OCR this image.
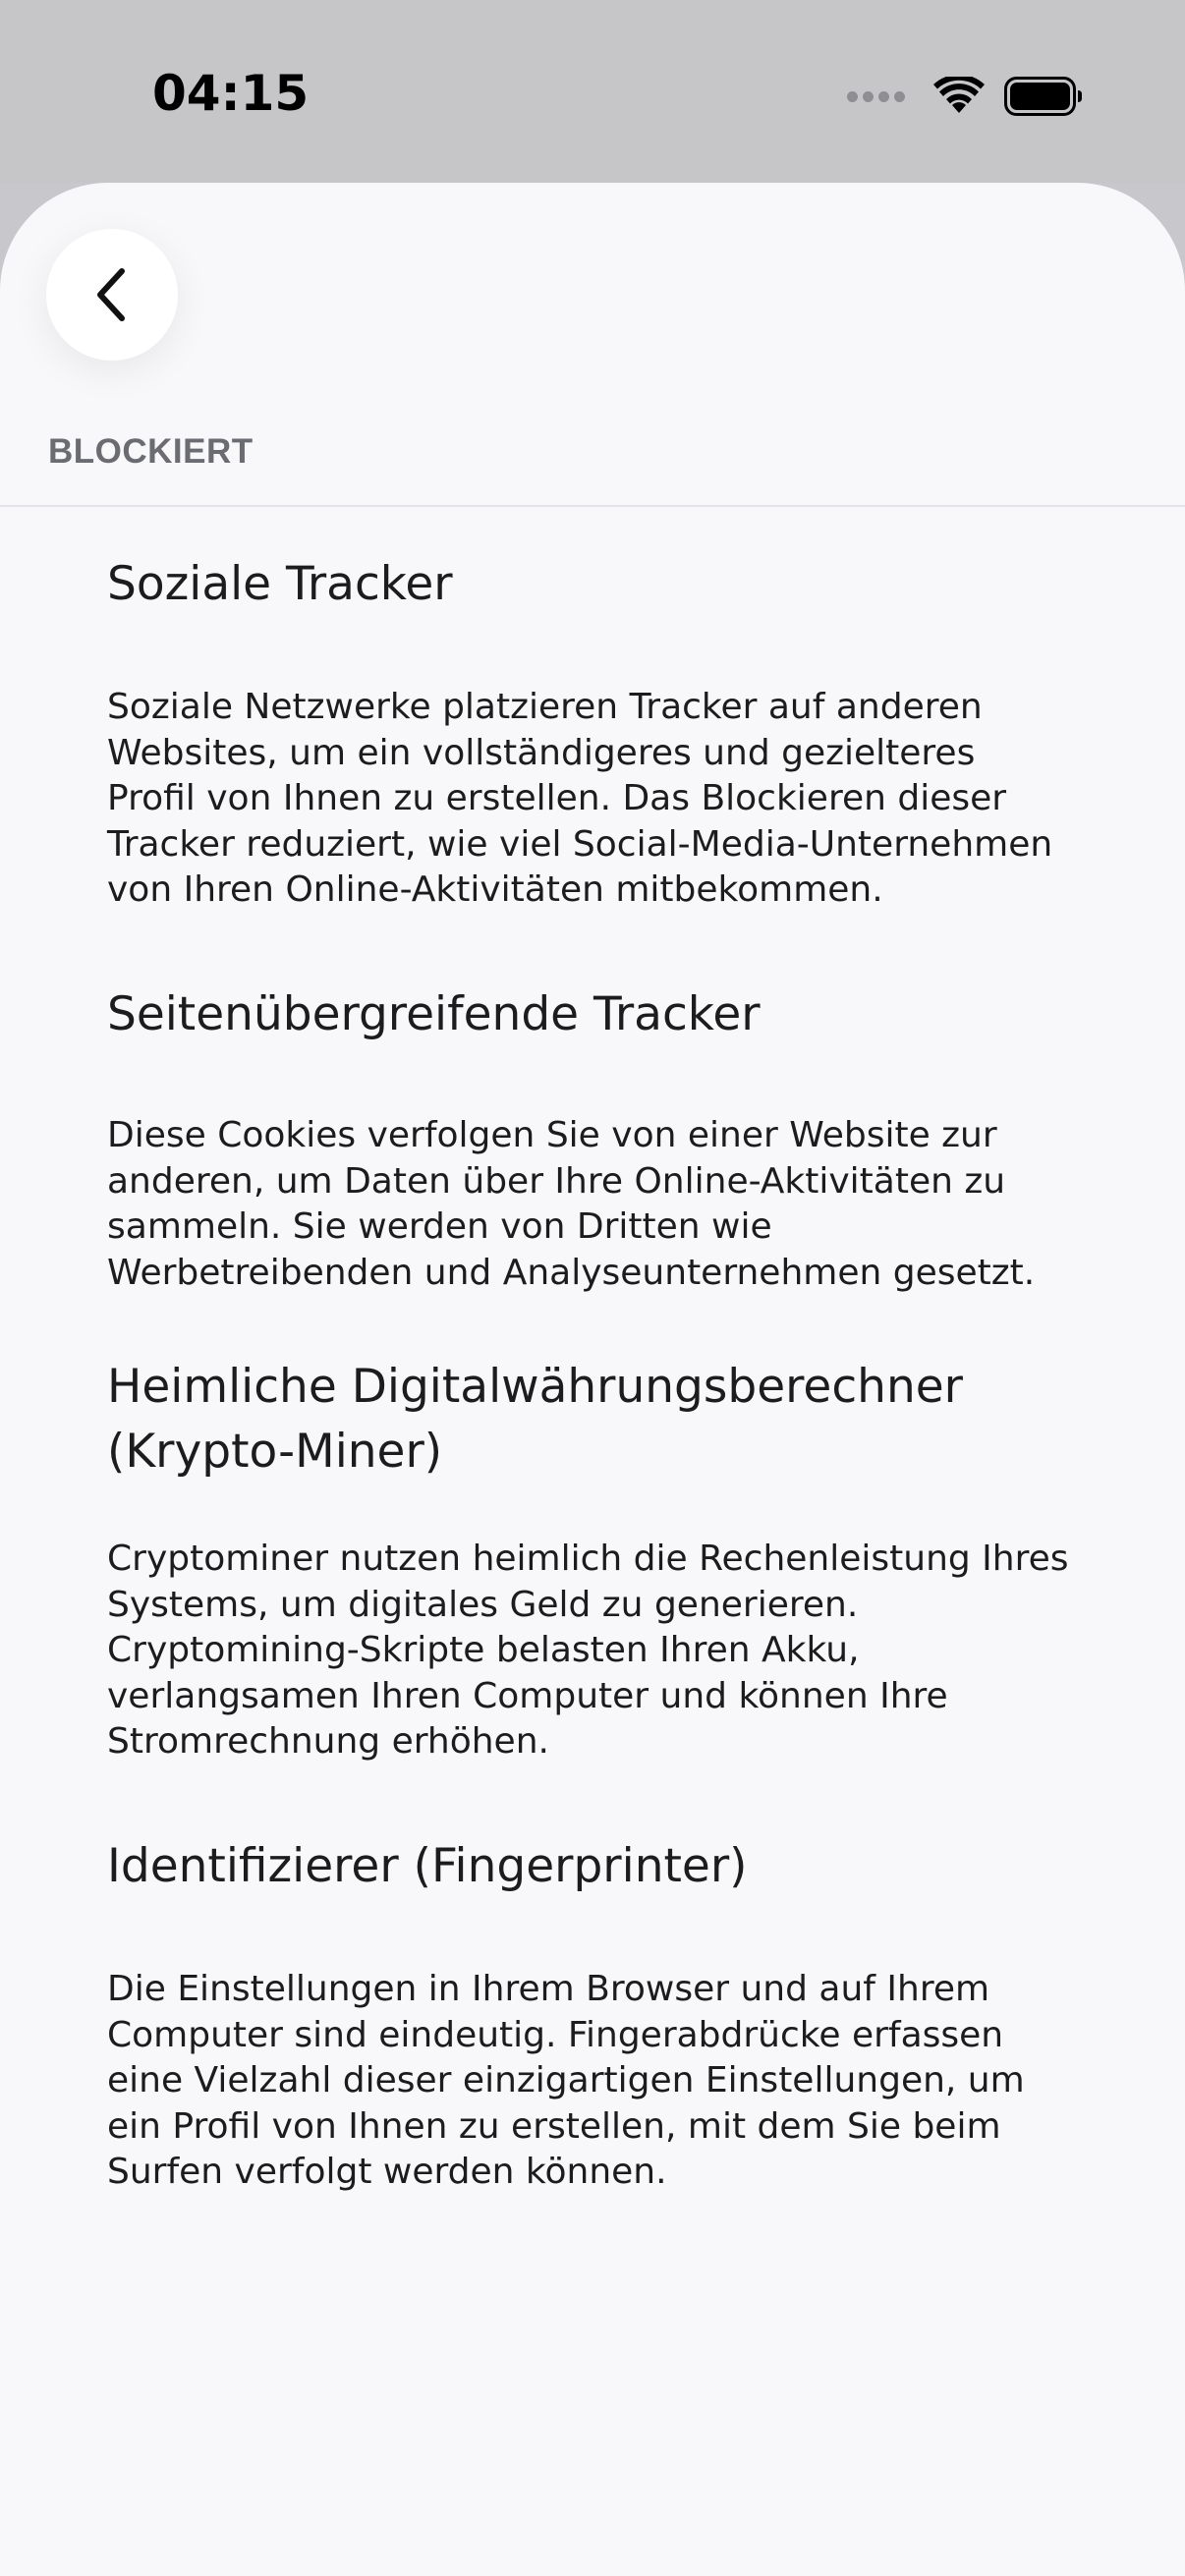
04:15
BLOCKIERT
Soziale Tracker
Soziale Netzwerke platzieren Tracker auf anderen
Websites, um ein vollständigeres und gezielteres
Profil von Ihnen zu erstellen. Das Blockieren dieser
Tracker reduziert, wie viel Social-Media-Unternehmen
von Ihren Online-Aktivitäten mitbekommen.
Seitenübergreifende Tracker
Diese Cookies verfolgen Sie von einer Website zur
anderen, um Daten über Ihre Online-Aktivitäten zu
sammeln. Sie werden von Dritten wie
Werbetreibenden und Analyseunternehmen gesetzt.
Heimliche Digitalwährungsberechner
(Krypto-Miner)
Cryptominer nutzen heimlich die Rechenleistung Ihres
Systems, um digitales Geld zu generieren.
Cryptomining-Skripte belasten Ihren Akku,
verlangsamen Ihren Computer und können Ihre
Stromrechnung erhöhen.
Identifizierer (Fingerprinter)
Die Einstellungen in Ihrem Browser und auf Ihrem
Computer sind eindeutig. Fingerabdrücke erfassen
eine Vielzahl dieser einzigartigen Einstellungen, um
ein Profil von Ihnen zu erstellen, mit dem Sie beim
Surfen verfolgt werden können.
